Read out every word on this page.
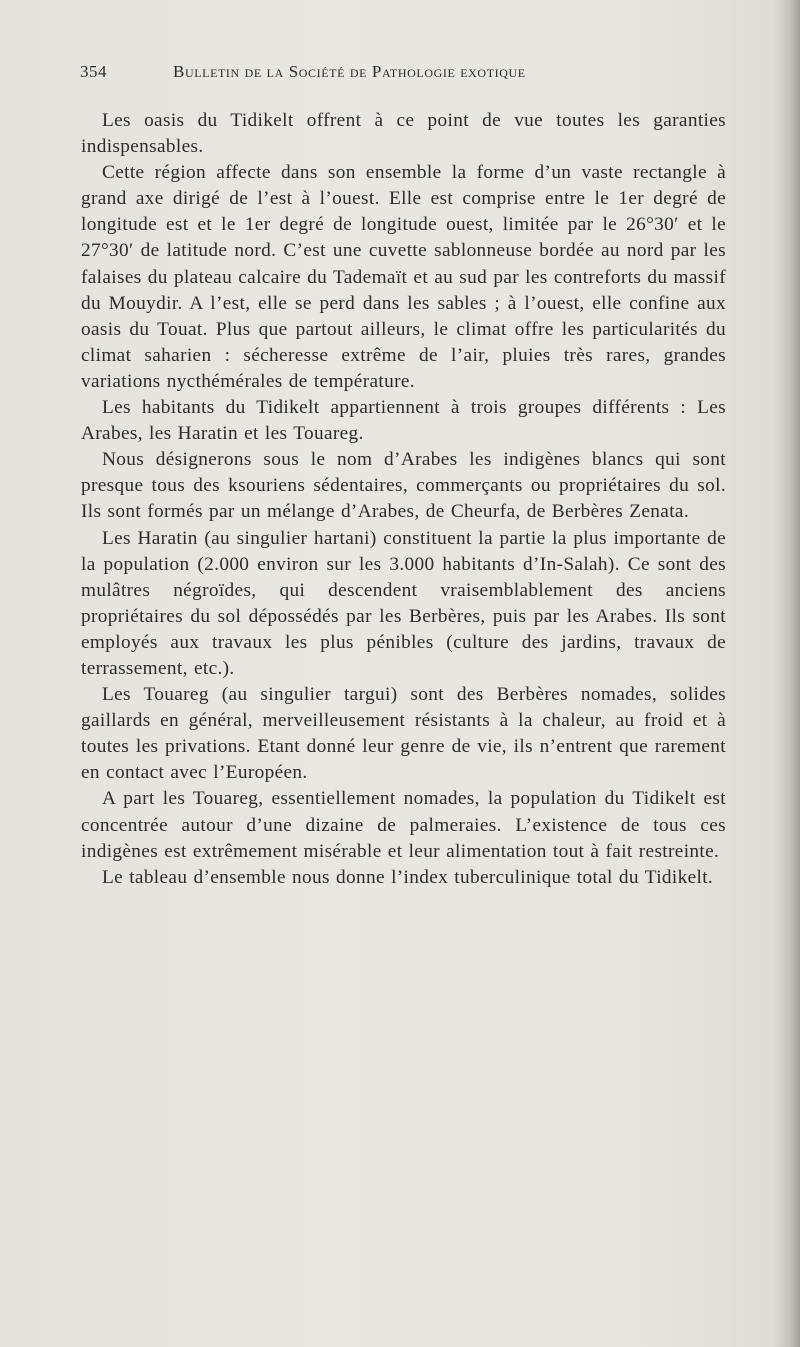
354	Bulletin de la Société de Pathologie exotique

Les oasis du Tidikelt offrent à ce point de vue toutes les garanties indispensables.

Cette région affecte dans son ensemble la forme d’un vaste rectangle à grand axe dirigé de l’est à l’ouest. Elle est comprise entre le 1er degré de longitude est et le 1er degré de longitude ouest, limitée par le 26°30′ et le 27°30′ de latitude nord. C’est une cuvette sablonneuse bordée au nord par les falaises du plateau calcaire du Tademaït et au sud par les contreforts du massif du Mouydir. A l’est, elle se perd dans les sables ; à l’ouest, elle confine aux oasis du Touat. Plus que partout ailleurs, le climat offre les particularités du climat saharien : sécheresse extrême de l’air, pluies très rares, grandes variations nycthémérales de température.

Les habitants du Tidikelt appartiennent à trois groupes différents : Les Arabes, les Haratin et les Touareg.

Nous désignerons sous le nom d’Arabes les indigènes blancs qui sont presque tous des ksouriens sédentaires, commerçants ou propriétaires du sol. Ils sont formés par un mélange d’Arabes, de Cheurfa, de Berbères Zenata.

Les Haratin (au singulier hartani) constituent la partie la plus importante de la population (2.000 environ sur les 3.000 habitants d’In-Salah). Ce sont des mulâtres négroïdes, qui descendent vraisemblablement des anciens propriétaires du sol dépossédés par les Berbères, puis par les Arabes. Ils sont employés aux travaux les plus pénibles (culture des jardins, travaux de terrassement, etc.).

Les Touareg (au singulier targui) sont des Berbères nomades, solides gaillards en général, merveilleusement résistants à la chaleur, au froid et à toutes les privations. Etant donné leur genre de vie, ils n’entrent que rarement en contact avec l’Européen.

A part les Touareg, essentiellement nomades, la population du Tidikelt est concentrée autour d’une dizaine de palmeraies. L’existence de tous ces indigènes est extrêmement misérable et leur alimentation tout à fait restreinte.

Le tableau d’ensemble nous donne l’index tuberculinique total du Tidikelt.
